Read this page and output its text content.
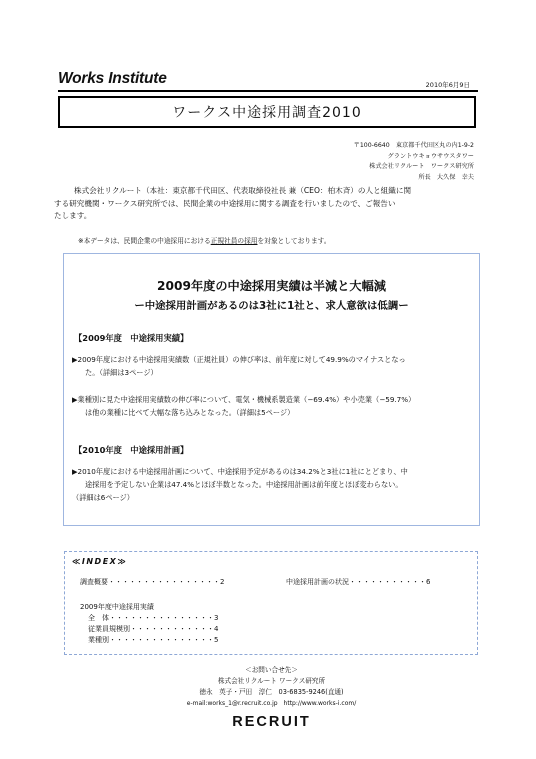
Works Institute	2010年6月9日
ワークス中途採用調査2010
〒100-6640　東京都千代田区丸の内1-9-2
グラントウキョウサウスタワー
株式会社リクルート　ワークス研究所
所長　大久保　幸夫
株式会社リクルート（本社：東京都千代田区、代表取締役社長 兼（CEO：柏木斉）の人と組織に関
する研究機関・ワークス研究所では、民間企業の中途採用に関する調査を行いましたので、ご報告い
たします。
※本データは、民間企業の中途採用における正規社員の採用を対象としております。
2009年度の中途採用実績は半減と大幅減
ー中途採用計画があるのは3社に1社と、求人意欲は低調ー
【2009年度　中途採用実績】
▶2009年度における中途採用実績数（正規社員）の伸び率は、前年度に対して49.9%のマイナスとなっ
た。（詳細は3ページ）
▶業種別に見た中途採用実績数の伸び率について、電気・機械系製造業（−69.4%）や小売業（−59.7%）
は他の業種に比べて大幅な落ち込みとなった。（詳細は5ページ）
【2010年度　中途採用計画】
▶2010年度における中途採用計画について、中途採用予定があるのは34.2%と3社に1社にとどまり、中
途採用を予定しない企業は47.4%とほぼ半数となった。中途採用計画は前年度とほぼ変わらない。
（詳細は6ページ）
≪INDEX≫
調査概要・・・・・・・・・・・・・・・・2	中途採用計画の状況・・・・・・・・・・・6
2009年度中途採用実績
全　体・・・・・・・・・・・・・・・3
従業員規模別・・・・・・・・・・・・4
業種別・・・・・・・・・・・・・・・5
＜お問い合せ先＞
株式会社リクルート ワークス研究所
徳永　英子・戸田　淳仁　03-6835-9246(直通)
e-mail:works_1@r.recruit.co.jp　http://www.works-i.com/
RECRUIT
